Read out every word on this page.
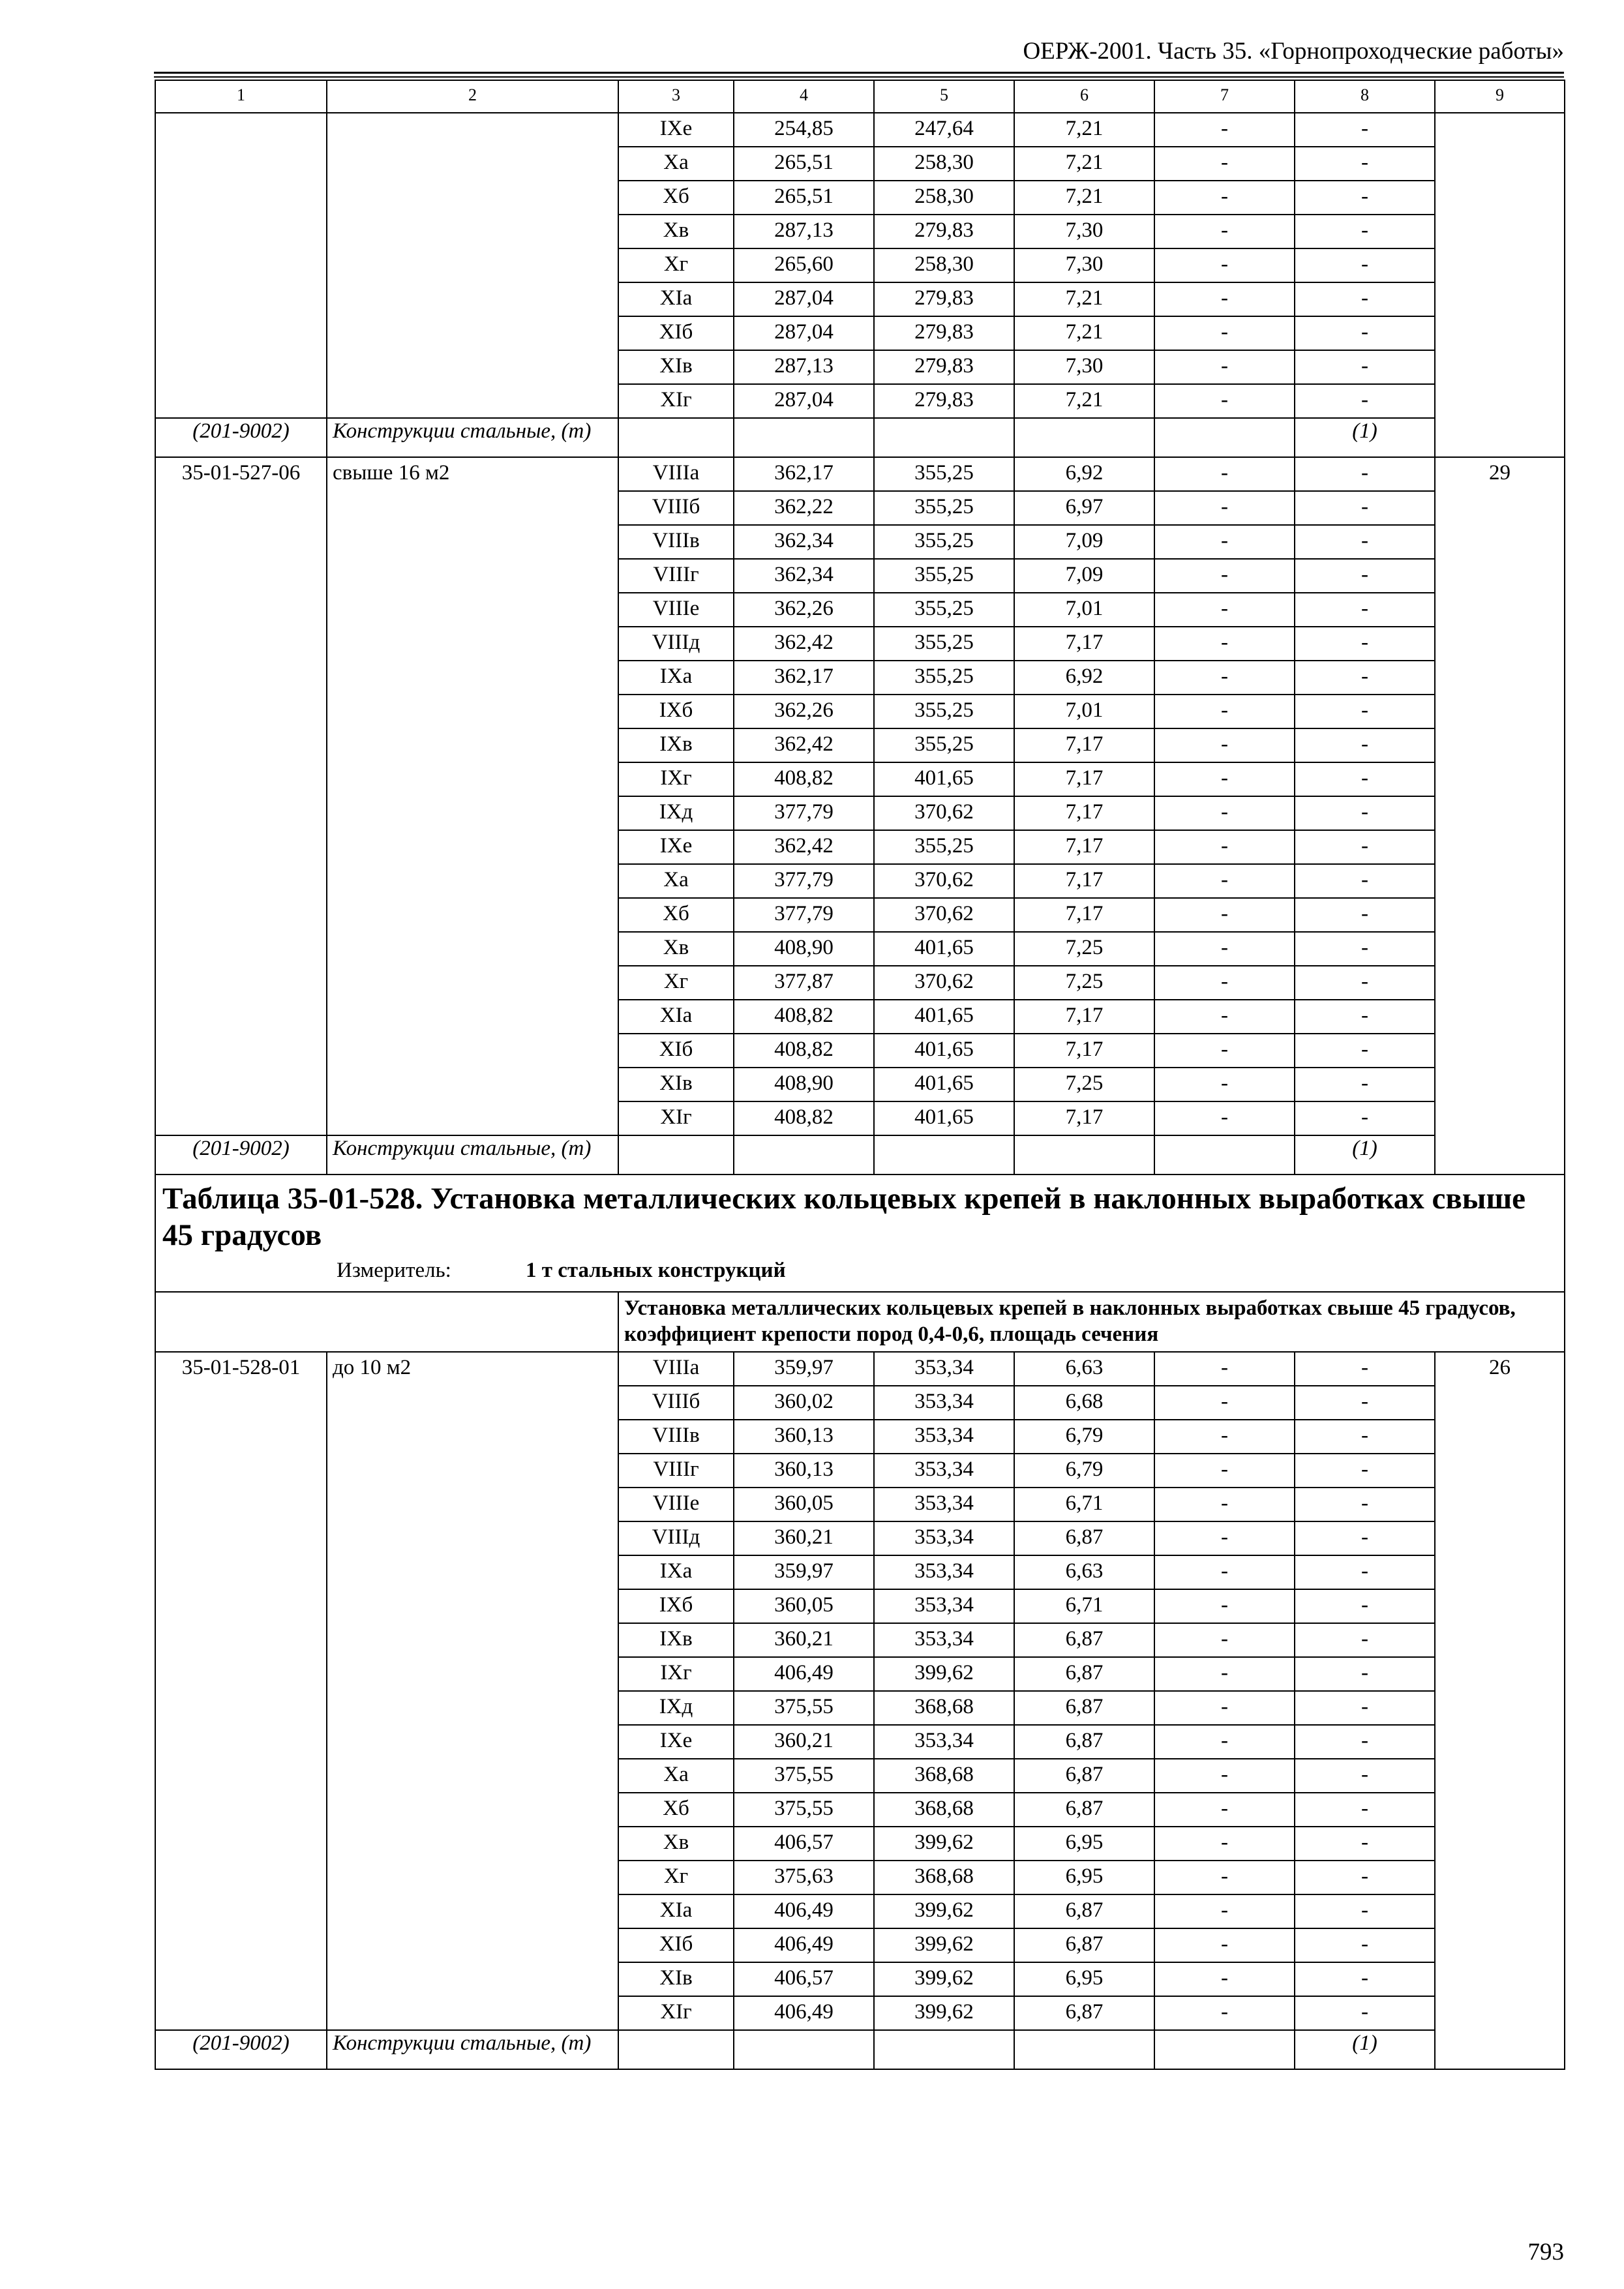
ОЕРЖ-2001. Часть 35. «Горнопроходческие работы»
1	2	3	4	5	6	7	8	9
		IXе	254,85	247,64	7,21	-	-	
		Xа	265,51	258,30	7,21	-	-	
		Xб	265,51	258,30	7,21	-	-	
		Xв	287,13	279,83	7,30	-	-	
		Xг	265,60	258,30	7,30	-	-	
		XIа	287,04	279,83	7,21	-	-	
		XIб	287,04	279,83	7,21	-	-	
		XIв	287,13	279,83	7,30	-	-	
		XIг	287,04	279,83	7,21	-	-	
(201-9002)	Конструкции стальные, (т)						(1)	
35-01-527-06	свыше 16 м2	VIIIа	362,17	355,25	6,92	-	-	29
		VIIIб	362,22	355,25	6,97	-	-	
		VIIIв	362,34	355,25	7,09	-	-	
		VIIIг	362,34	355,25	7,09	-	-	
		VIIIе	362,26	355,25	7,01	-	-	
		VIIIд	362,42	355,25	7,17	-	-	
		IXа	362,17	355,25	6,92	-	-	
		IXб	362,26	355,25	7,01	-	-	
		IXв	362,42	355,25	7,17	-	-	
		IXг	408,82	401,65	7,17	-	-	
		IXд	377,79	370,62	7,17	-	-	
		IXе	362,42	355,25	7,17	-	-	
		Xа	377,79	370,62	7,17	-	-	
		Xб	377,79	370,62	7,17	-	-	
		Xв	408,90	401,65	7,25	-	-	
		Xг	377,87	370,62	7,25	-	-	
		XIа	408,82	401,65	7,17	-	-	
		XIб	408,82	401,65	7,17	-	-	
		XIв	408,90	401,65	7,25	-	-	
		XIг	408,82	401,65	7,17	-	-	
(201-9002)	Конструкции стальные, (т)						(1)	
Таблица 35-01-528. Установка металлических кольцевых крепей в наклонных выработках свыше 45 градусов
Измеритель: 1 т стальных конструкций								

		Установка металлических кольцевых крепей в наклонных выработках свыше 45 градусов, коэффициент крепости пород 0,4-0,6, площадь сечения						
35-01-528-01	до 10 м2	VIIIа	359,97	353,34	6,63	-	-	26
		VIIIб	360,02	353,34	6,68	-	-	
		VIIIв	360,13	353,34	6,79	-	-	
		VIIIг	360,13	353,34	6,79	-	-	
		VIIIе	360,05	353,34	6,71	-	-	
		VIIIд	360,21	353,34	6,87	-	-	
		IXа	359,97	353,34	6,63	-	-	
		IXб	360,05	353,34	6,71	-	-	
		IXв	360,21	353,34	6,87	-	-	
		IXг	406,49	399,62	6,87	-	-	
		IXд	375,55	368,68	6,87	-	-	
		IXе	360,21	353,34	6,87	-	-	
		Xа	375,55	368,68	6,87	-	-	
		Xб	375,55	368,68	6,87	-	-	
		Xв	406,57	399,62	6,95	-	-	
		Xг	375,63	368,68	6,95	-	-	
		XIа	406,49	399,62	6,87	-	-	
		XIб	406,49	399,62	6,87	-	-	
		XIв	406,57	399,62	6,95	-	-	
		XIг	406,49	399,62	6,87	-	-	
(201-9002)	Конструкции стальные, (т)						(1)	
793
